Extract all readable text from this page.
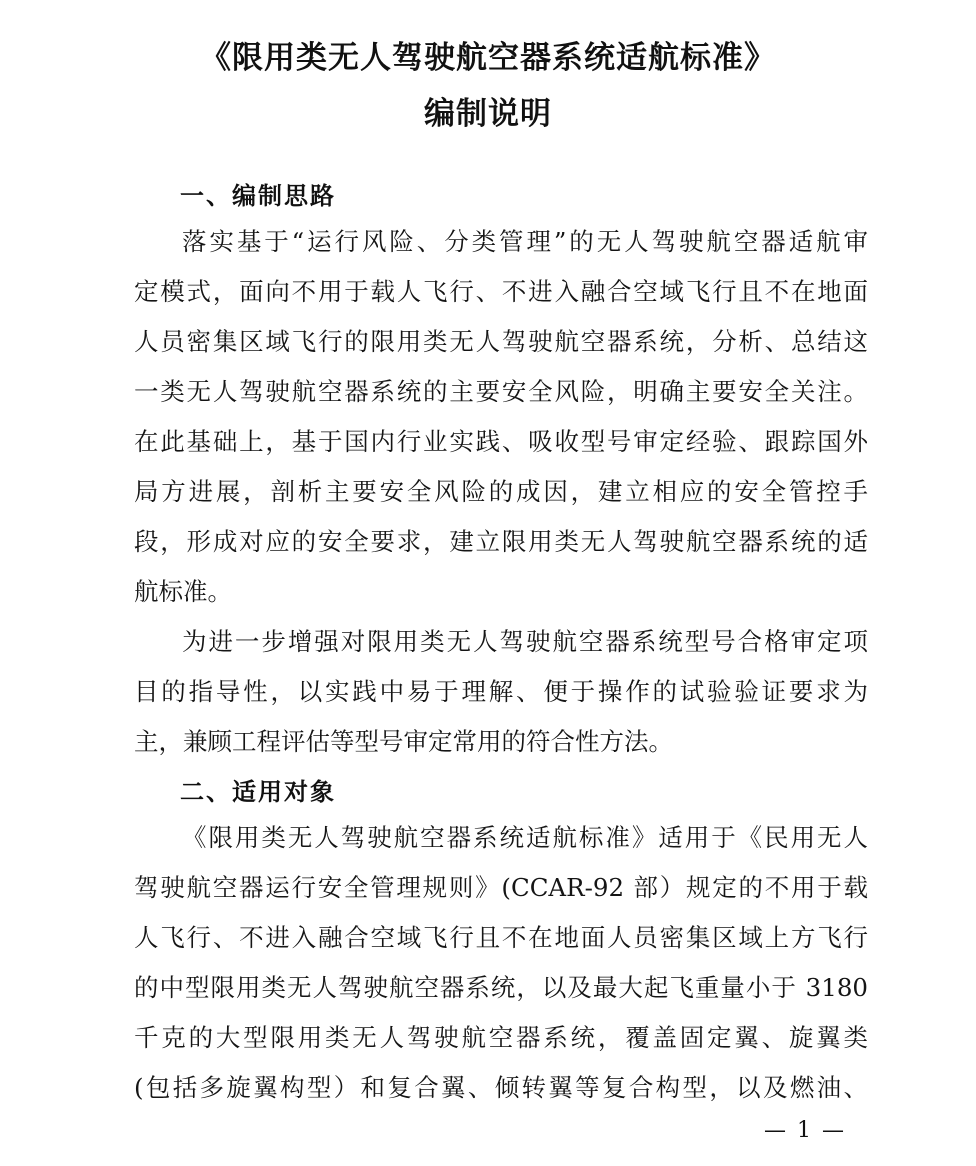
《限用类无人驾驶航空器系统适航标准》
编制说明
一、编制思路
落实基于“运行风险、分类管理”的无人驾驶航空器适航审
定模式，面向不用于载人飞行、不进入融合空域飞行且不在地面
人员密集区域飞行的限用类无人驾驶航空器系统，分析、总结这
一类无人驾驶航空器系统的主要安全风险，明确主要安全关注。
在此基础上，基于国内行业实践、吸收型号审定经验、跟踪国外
局方进展，剖析主要安全风险的成因，建立相应的安全管控手
段，形成对应的安全要求，建立限用类无人驾驶航空器系统的适
航标准。
为进一步增强对限用类无人驾驶航空器系统型号合格审定项
目的指导性，以实践中易于理解、便于操作的试验验证要求为
主，兼顾工程评估等型号审定常用的符合性方法。
二、适用对象
《限用类无人驾驶航空器系统适航标准》适用于《民用无人
驾驶航空器运行安全管理规则》(CCAR-92 部）规定的不用于载
人飞行、不进入融合空域飞行且不在地面人员密集区域上方飞行
的中型限用类无人驾驶航空器系统，以及最大起飞重量小于 3180
千克的大型限用类无人驾驶航空器系统，覆盖固定翼、旋翼类
(包括多旋翼构型）和复合翼、倾转翼等复合构型，以及燃油、
— 1 —
